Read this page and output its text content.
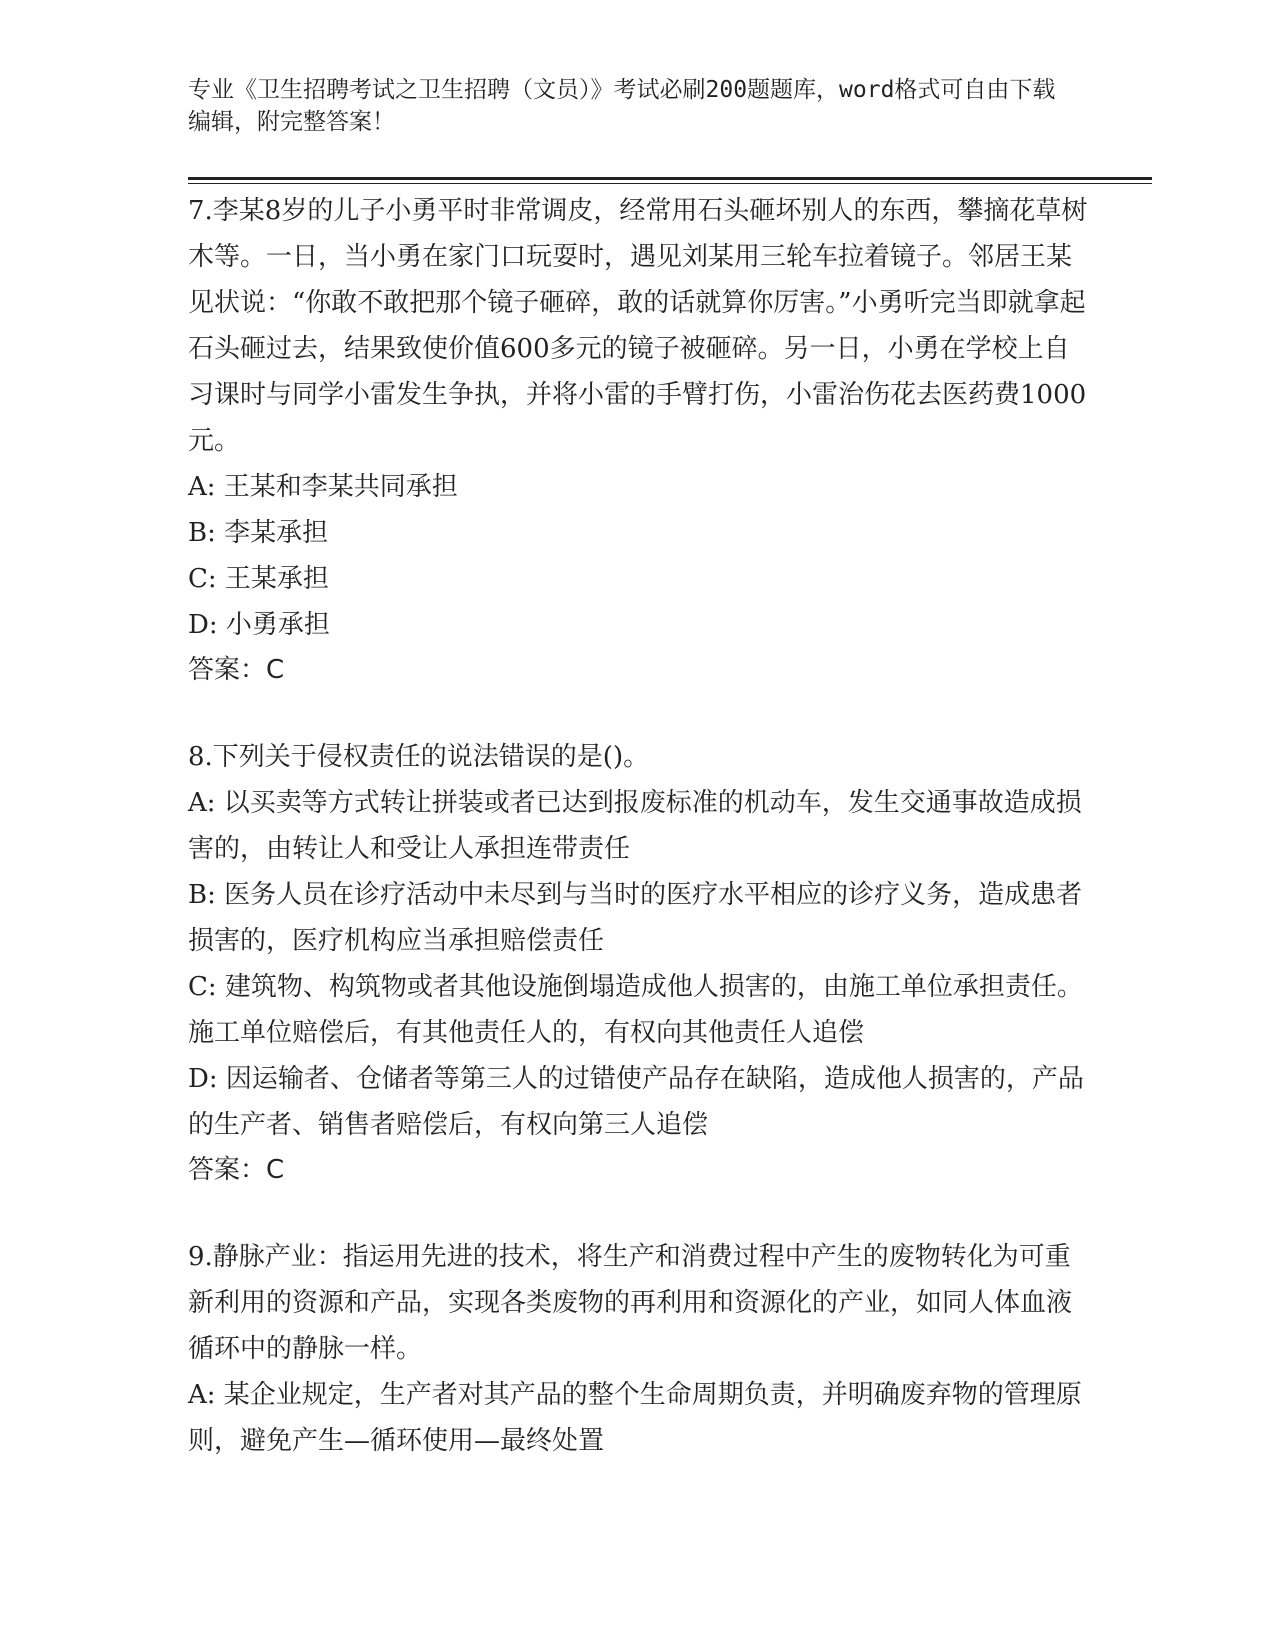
专业《卫生招聘考试之卫生招聘（文员）》考试必刷200题题库，word格式可自由下载编辑，附完整答案！

7.李某8岁的儿子小勇平时非常调皮，经常用石头砸坏别人的东西，攀摘花草树木等。一日，当小勇在家门口玩耍时，遇见刘某用三轮车拉着镜子。邻居王某见状说：“你敢不敢把那个镜子砸碎，敢的话就算你厉害。”小勇听完当即就拿起石头砸过去，结果致使价值600多元的镜子被砸碎。另一日，小勇在学校上自习课时与同学小雷发生争执，并将小雷的手臂打伤，小雷治伤花去医药费1000元。

A: 王某和李某共同承担

B: 李某承担

C: 王某承担

D: 小勇承担

答案：C

8.下列关于侵权责任的说法错误的是()。

A: 以买卖等方式转让拼装或者已达到报废标准的机动车，发生交通事故造成损害的，由转让人和受让人承担连带责任

B: 医务人员在诊疗活动中未尽到与当时的医疗水平相应的诊疗义务，造成患者损害的，医疗机构应当承担赔偿责任

C: 建筑物、构筑物或者其他设施倒塌造成他人损害的，由施工单位承担责任。施工单位赔偿后，有其他责任人的，有权向其他责任人追偿

D: 因运输者、仓储者等第三人的过错使产品存在缺陷，造成他人损害的，产品的生产者、销售者赔偿后，有权向第三人追偿

答案：C

9.静脉产业：指运用先进的技术，将生产和消费过程中产生的废物转化为可重新利用的资源和产品，实现各类废物的再利用和资源化的产业，如同人体血液循环中的静脉一样。

A: 某企业规定，生产者对其产品的整个生命周期负责，并明确废弃物的管理原则，避免产生—循环使用—最终处置
